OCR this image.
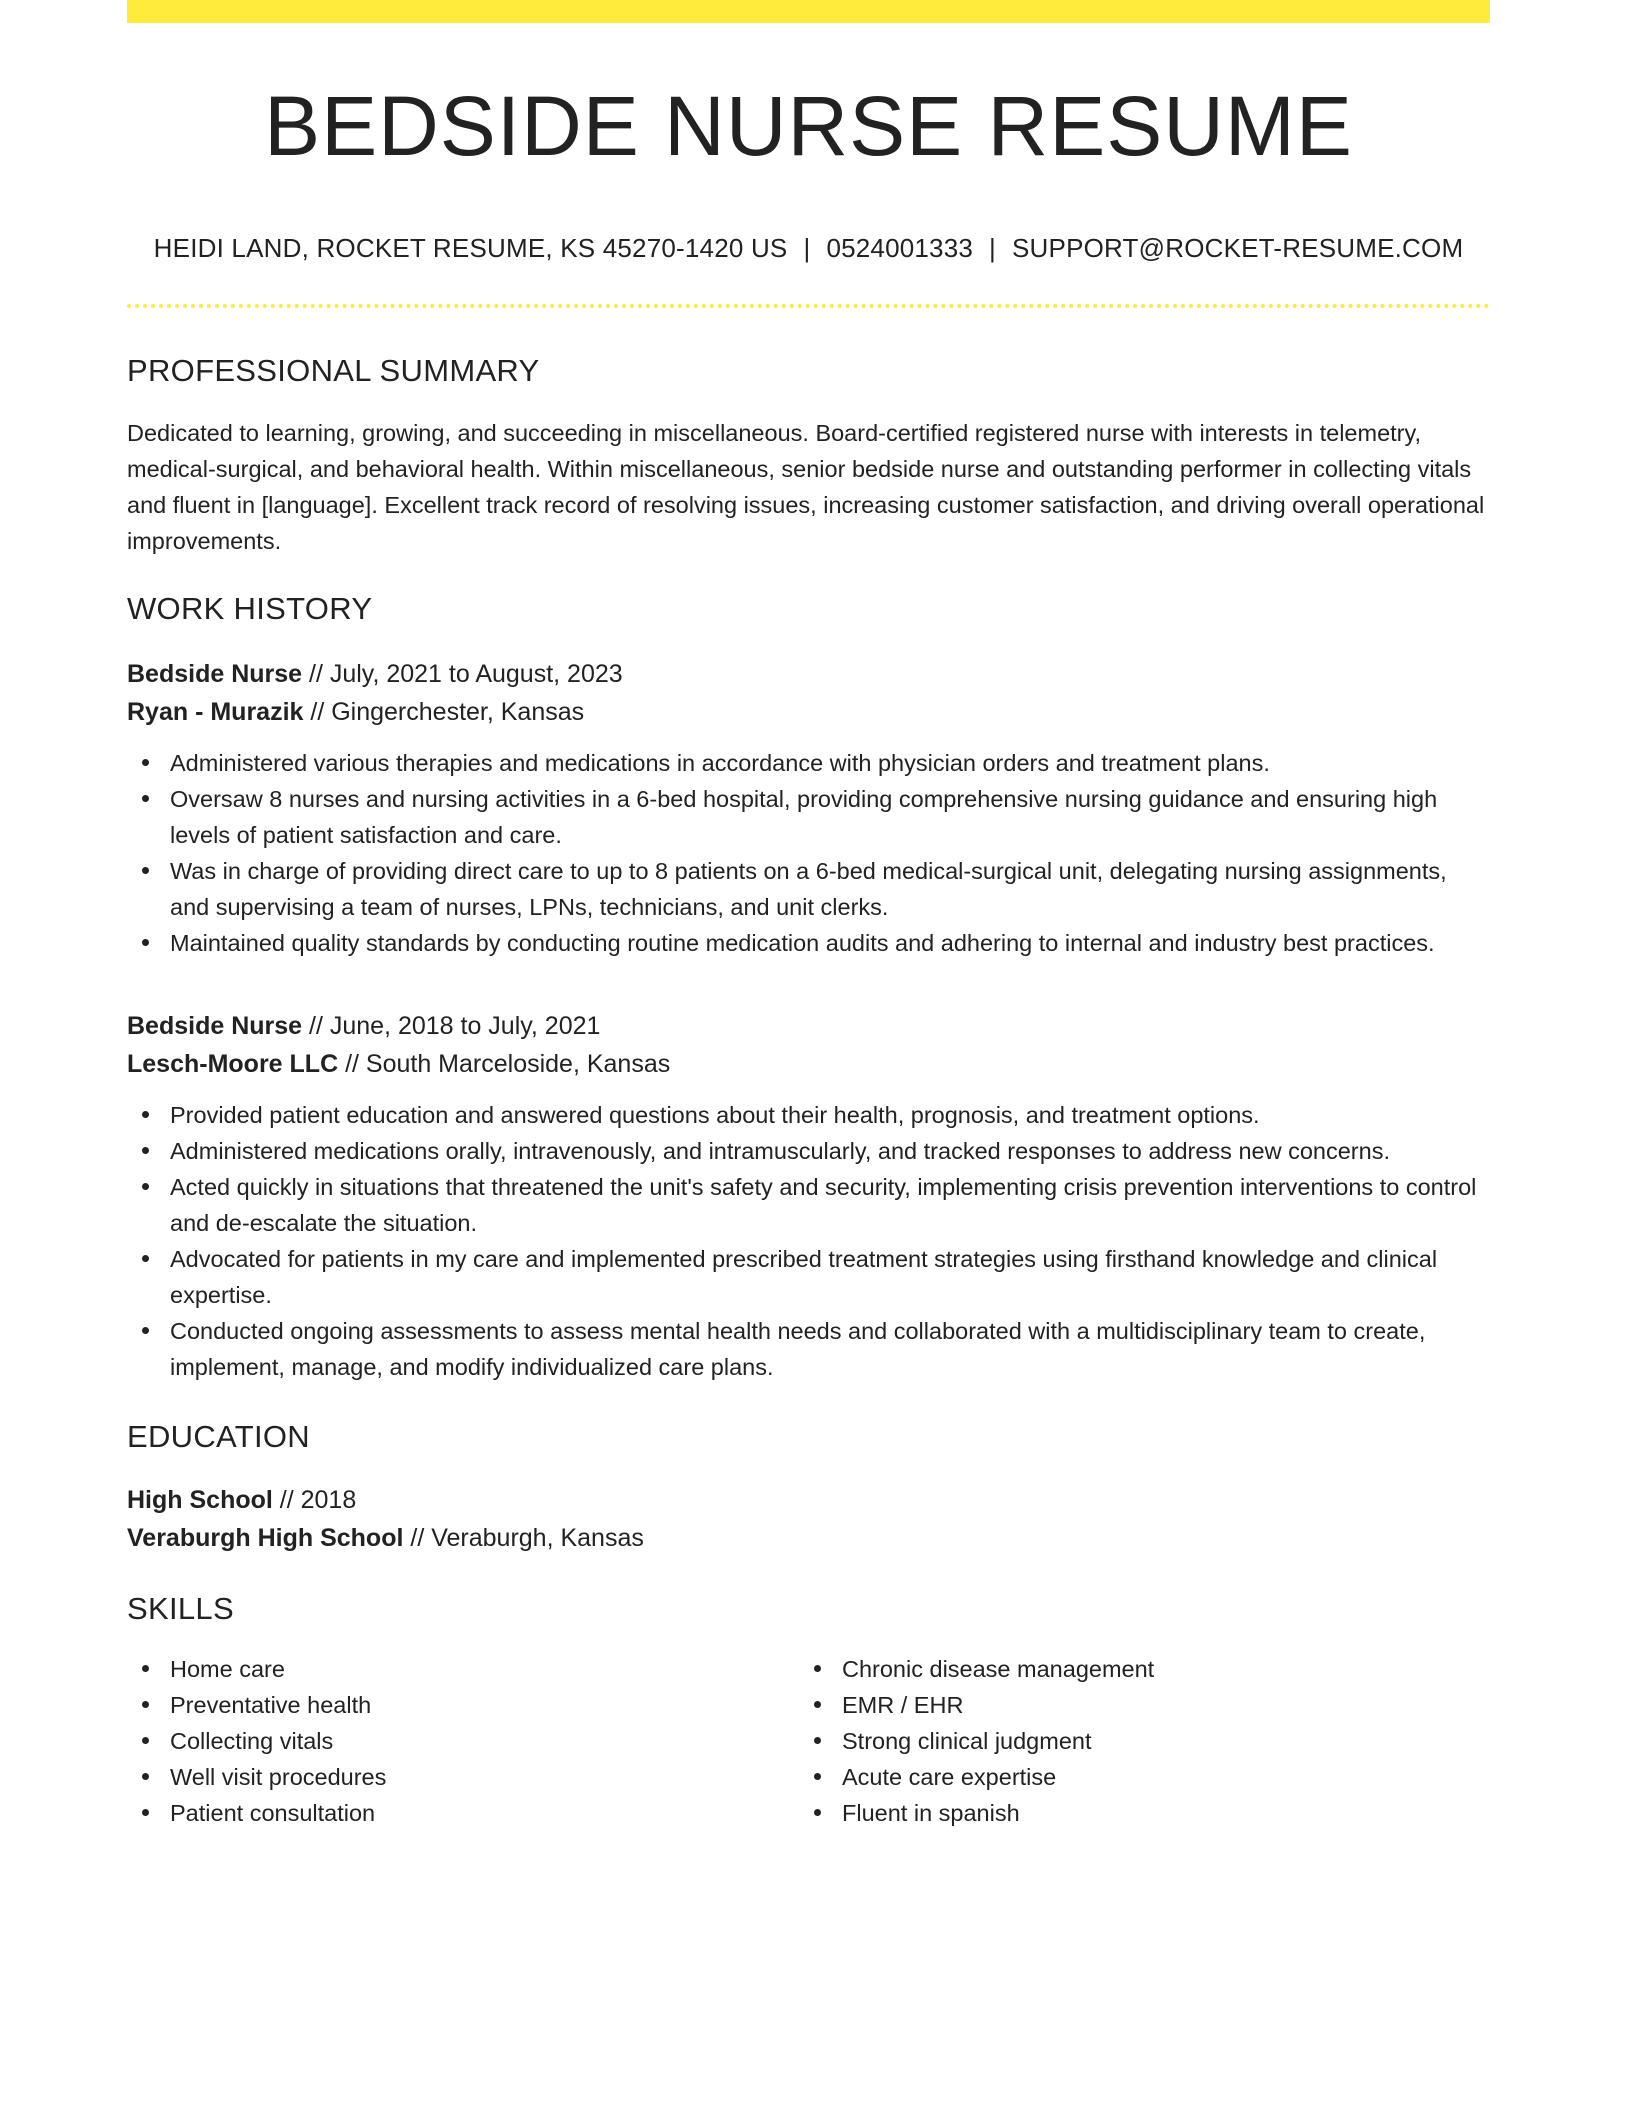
BEDSIDE NURSE RESUME
HEIDI LAND, ROCKET RESUME, KS 45270-1420 US | 0524001333 | SUPPORT@ROCKET-RESUME.COM
PROFESSIONAL SUMMARY

Dedicated to learning, growing, and succeeding in miscellaneous. Board-certified registered nurse with interests in telemetry, medical-surgical, and behavioral health. Within miscellaneous, senior bedside nurse and outstanding performer in collecting vitals and fluent in [language]. Excellent track record of resolving issues, increasing customer satisfaction, and driving overall operational improvements.

WORK HISTORY
Bedside Nurse // July, 2021 to August, 2023
Ryan - Murazik // Gingerchester, Kansas
Administered various therapies and medications in accordance with physician orders and treatment plans.
Oversaw 8 nurses and nursing activities in a 6-bed hospital, providing comprehensive nursing guidance and ensuring high levels of patient satisfaction and care.
Was in charge of providing direct care to up to 8 patients on a 6-bed medical-surgical unit, delegating nursing assignments, and supervising a team of nurses, LPNs, technicians, and unit clerks.
Maintained quality standards by conducting routine medication audits and adhering to internal and industry best practices.
Bedside Nurse // June, 2018 to July, 2021
Lesch-Moore LLC // South Marceloside, Kansas
Provided patient education and answered questions about their health, prognosis, and treatment options.
Administered medications orally, intravenously, and intramuscularly, and tracked responses to address new concerns.
Acted quickly in situations that threatened the unit's safety and security, implementing crisis prevention interventions to control and de-escalate the situation.
Advocated for patients in my care and implemented prescribed treatment strategies using firsthand knowledge and clinical expertise.
Conducted ongoing assessments to assess mental health needs and collaborated with a multidisciplinary team to create, implement, manage, and modify individualized care plans.
EDUCATION
High School // 2018
Veraburgh High School // Veraburgh, Kansas
SKILLS
Home care
Preventative health
Collecting vitals
Well visit procedures
Patient consultation
Chronic disease management
EMR / EHR
Strong clinical judgment
Acute care expertise
Fluent in spanish
